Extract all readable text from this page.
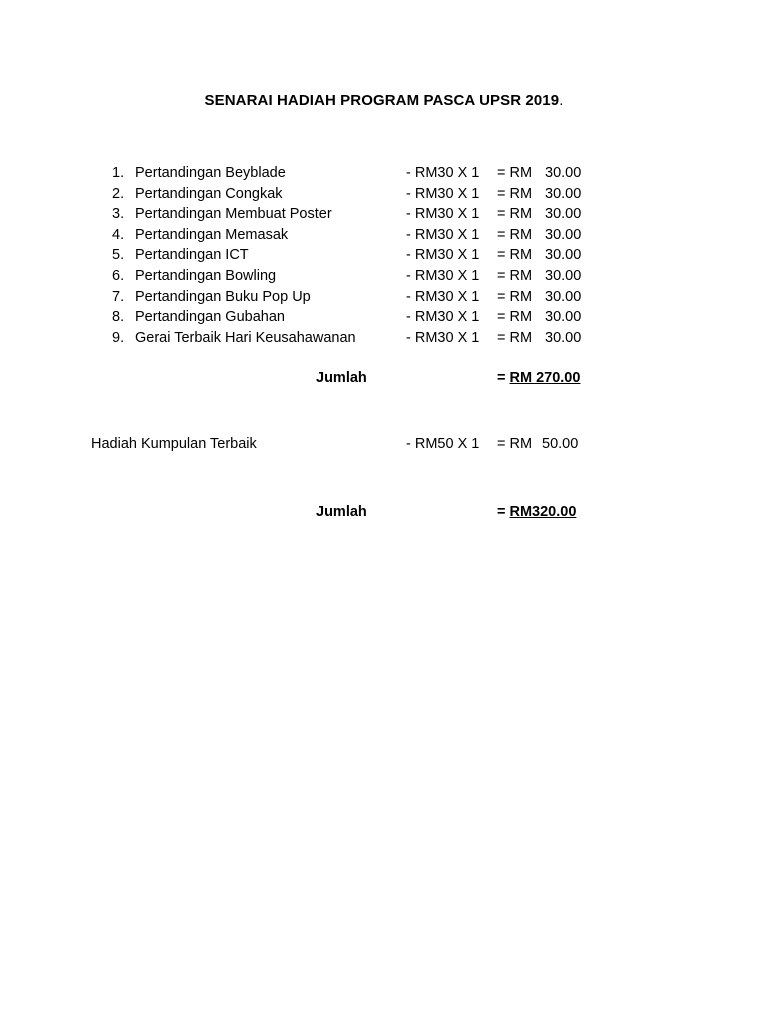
SENARAI HADIAH PROGRAM PASCA UPSR 2019.
1. Pertandingan Beyblade	- RM30 X 1 = RM 30.00
2. Pertandingan Congkak	- RM30 X 1 = RM 30.00
3. Pertandingan Membuat Poster	- RM30 X 1 = RM 30.00
4. Pertandingan Memasak	- RM30 X 1 = RM 30.00
5. Pertandingan ICT	- RM30 X 1 = RM 30.00
6. Pertandingan Bowling	- RM30 X 1 = RM 30.00
7. Pertandingan Buku Pop Up	- RM30 X 1 = RM 30.00
8. Pertandingan Gubahan	- RM30 X 1 = RM 30.00
9. Gerai Terbaik Hari Keusahawanan	- RM30 X 1 = RM 30.00
Jumlah	= RM 270.00
Hadiah Kumpulan Terbaik	- RM50 X 1 = RM 50.00
Jumlah	= RM320.00
